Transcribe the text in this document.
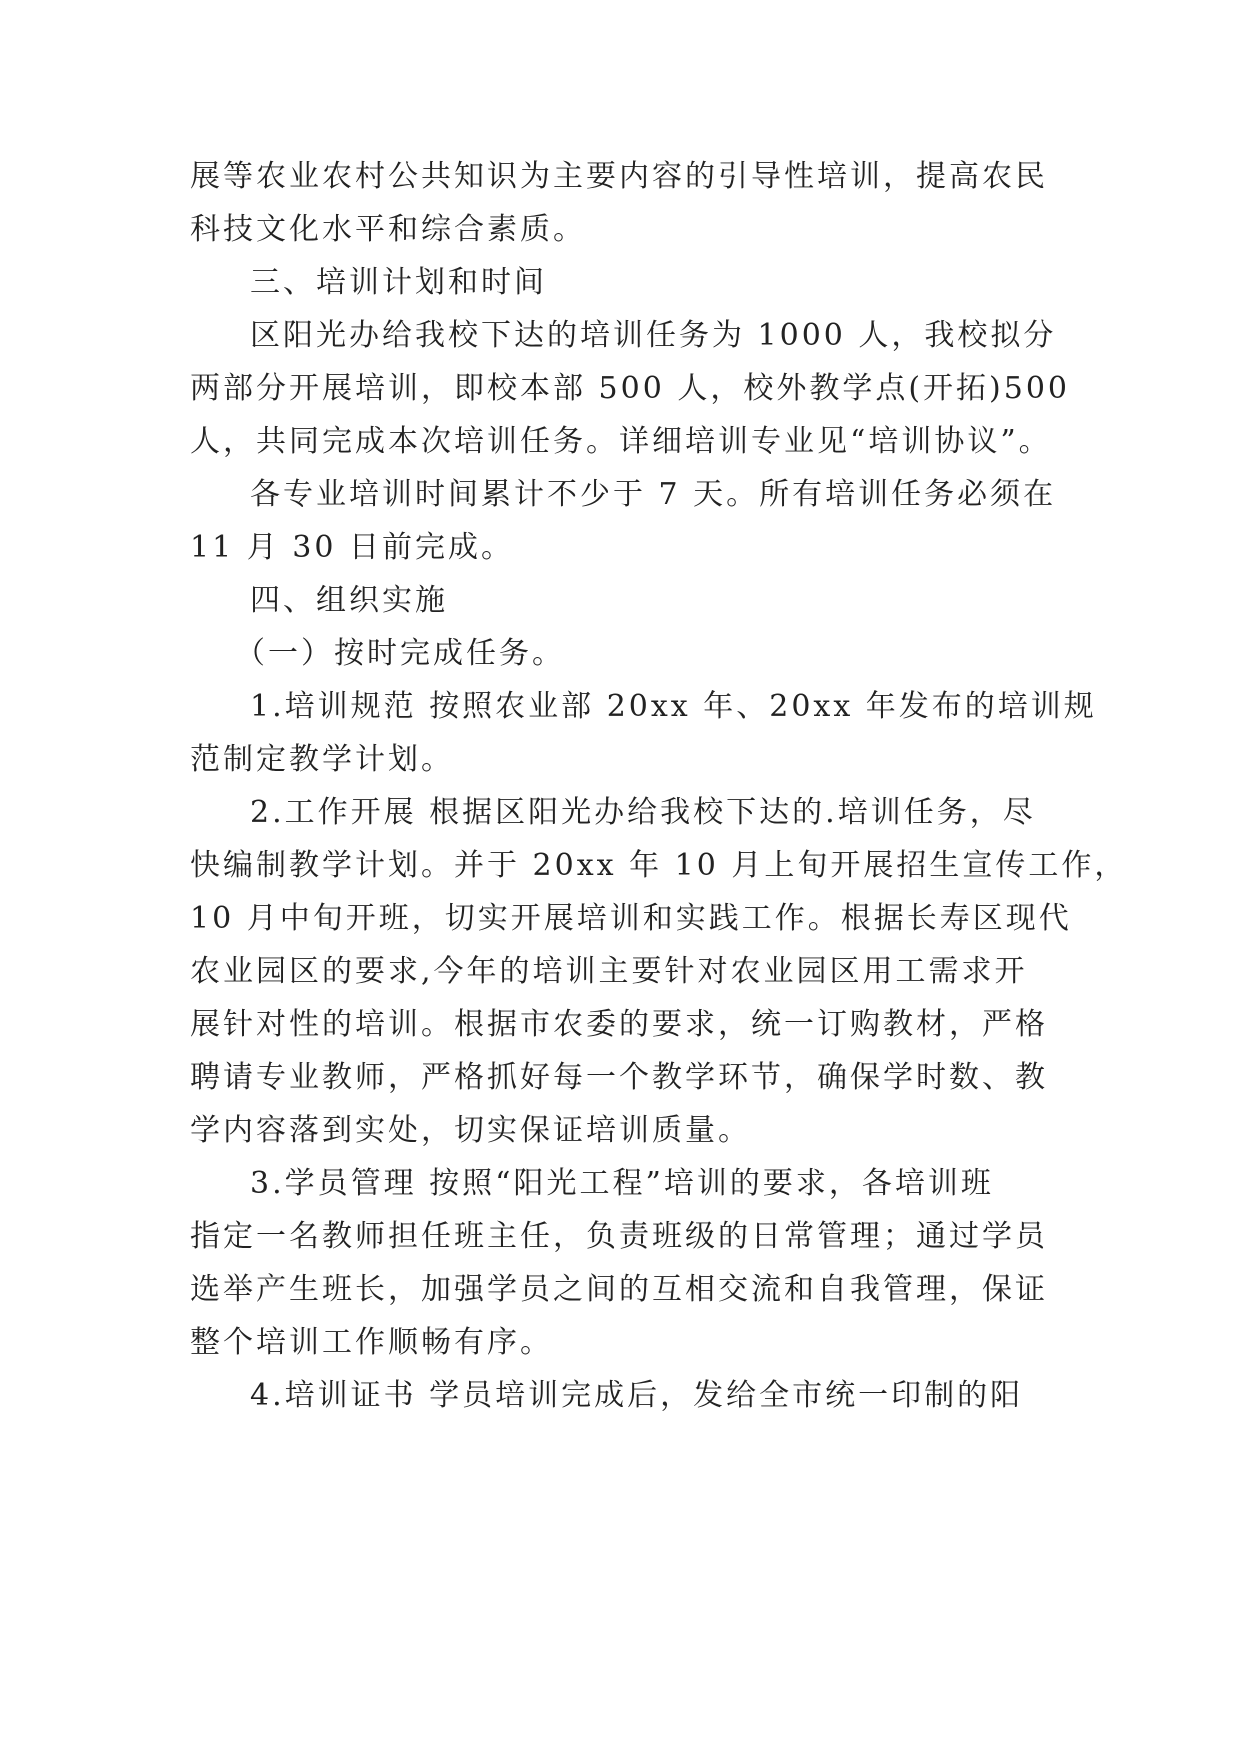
展等农业农村公共知识为主要内容的引导性培训，提高农民
科技文化水平和综合素质。
三、培训计划和时间
区阳光办给我校下达的培训任务为 1000 人，我校拟分
两部分开展培训，即校本部 500 人，校外教学点(开拓)500
人，共同完成本次培训任务。详细培训专业见“培训协议”。
各专业培训时间累计不少于 7 天。所有培训任务必须在
11 月 30 日前完成。
四、组织实施
（一）按时完成任务。
1.培训规范 按照农业部 20xx 年、20xx 年发布的培训规
范制定教学计划。
2.工作开展 根据区阳光办给我校下达的.培训任务，尽
快编制教学计划。并于 20xx 年 10 月上旬开展招生宣传工作，
10 月中旬开班，切实开展培训和实践工作。根据长寿区现代
农业园区的要求,今年的培训主要针对农业园区用工需求开
展针对性的培训。根据市农委的要求，统一订购教材，严格
聘请专业教师，严格抓好每一个教学环节，确保学时数、教
学内容落到实处，切实保证培训质量。
3.学员管理 按照“阳光工程”培训的要求，各培训班
指定一名教师担任班主任，负责班级的日常管理；通过学员
选举产生班长，加强学员之间的互相交流和自我管理，保证
整个培训工作顺畅有序。
4.培训证书 学员培训完成后，发给全市统一印制的阳
